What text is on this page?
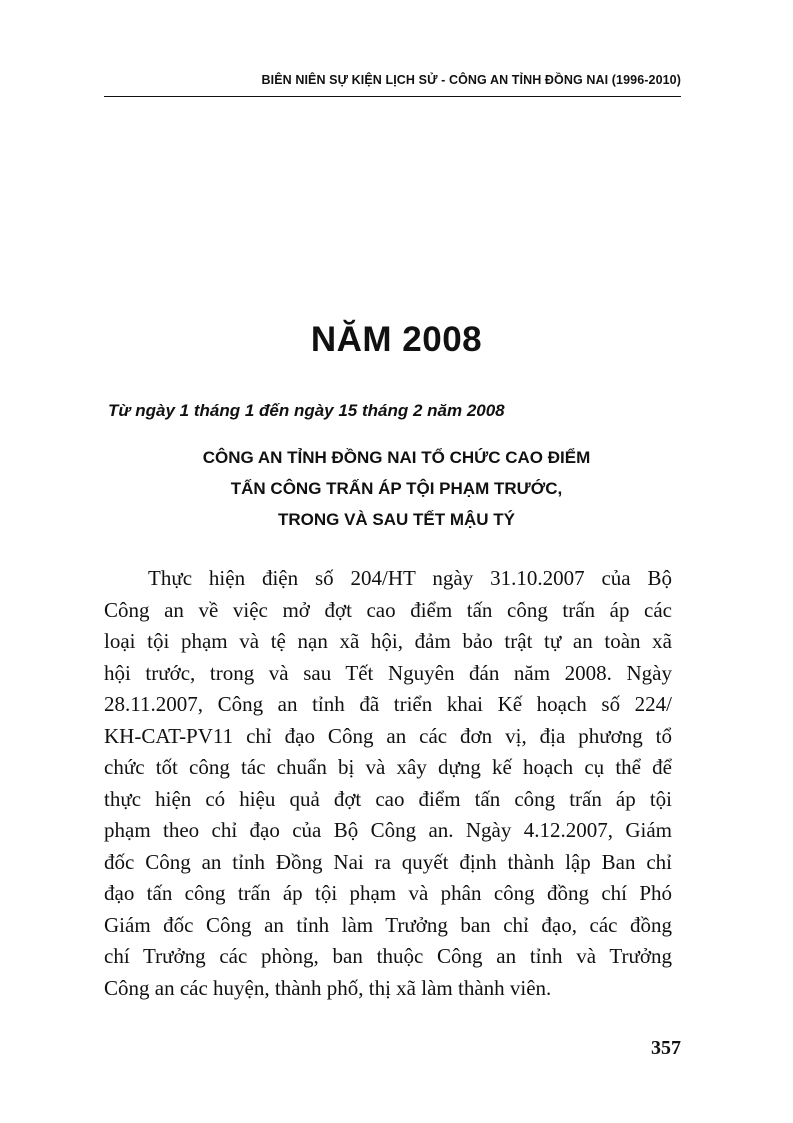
BIÊN NIÊN SỰ KIỆN LỊCH SỬ - CÔNG AN TỈNH ĐỒNG NAI (1996-2010)
NĂM 2008
Từ ngày 1 tháng 1 đến ngày 15 tháng 2 năm 2008
CÔNG AN TỈNH ĐỒNG NAI TỔ CHỨC CAO ĐIỂM
TẤN CÔNG TRẤN ÁP TỘI PHẠM TRƯỚC,
TRONG VÀ SAU TẾT MẬU TÝ
Thực hiện điện số 204/HT ngày 31.10.2007 của Bộ
Công an về việc mở đợt cao điểm tấn công trấn áp các
loại tội phạm và tệ nạn xã hội, đảm bảo trật tự an toàn xã
hội trước, trong và sau Tết Nguyên đán năm 2008. Ngày
28.11.2007, Công an tỉnh đã triển khai Kế hoạch số 224/
KH-CAT-PV11 chỉ đạo Công an các đơn vị, địa phương tổ
chức tốt công tác chuẩn bị và xây dựng kế hoạch cụ thể để
thực hiện có hiệu quả đợt cao điểm tấn công trấn áp tội
phạm theo chỉ đạo của Bộ Công an. Ngày 4.12.2007, Giám
đốc Công an tỉnh Đồng Nai ra quyết định thành lập Ban chỉ
đạo tấn công trấn áp tội phạm và phân công đồng chí Phó
Giám đốc Công an tỉnh làm Trưởng ban chỉ đạo, các đồng
chí Trưởng các phòng, ban thuộc Công an tỉnh và Trưởng
Công an các huyện, thành phố, thị xã làm thành viên.
357
